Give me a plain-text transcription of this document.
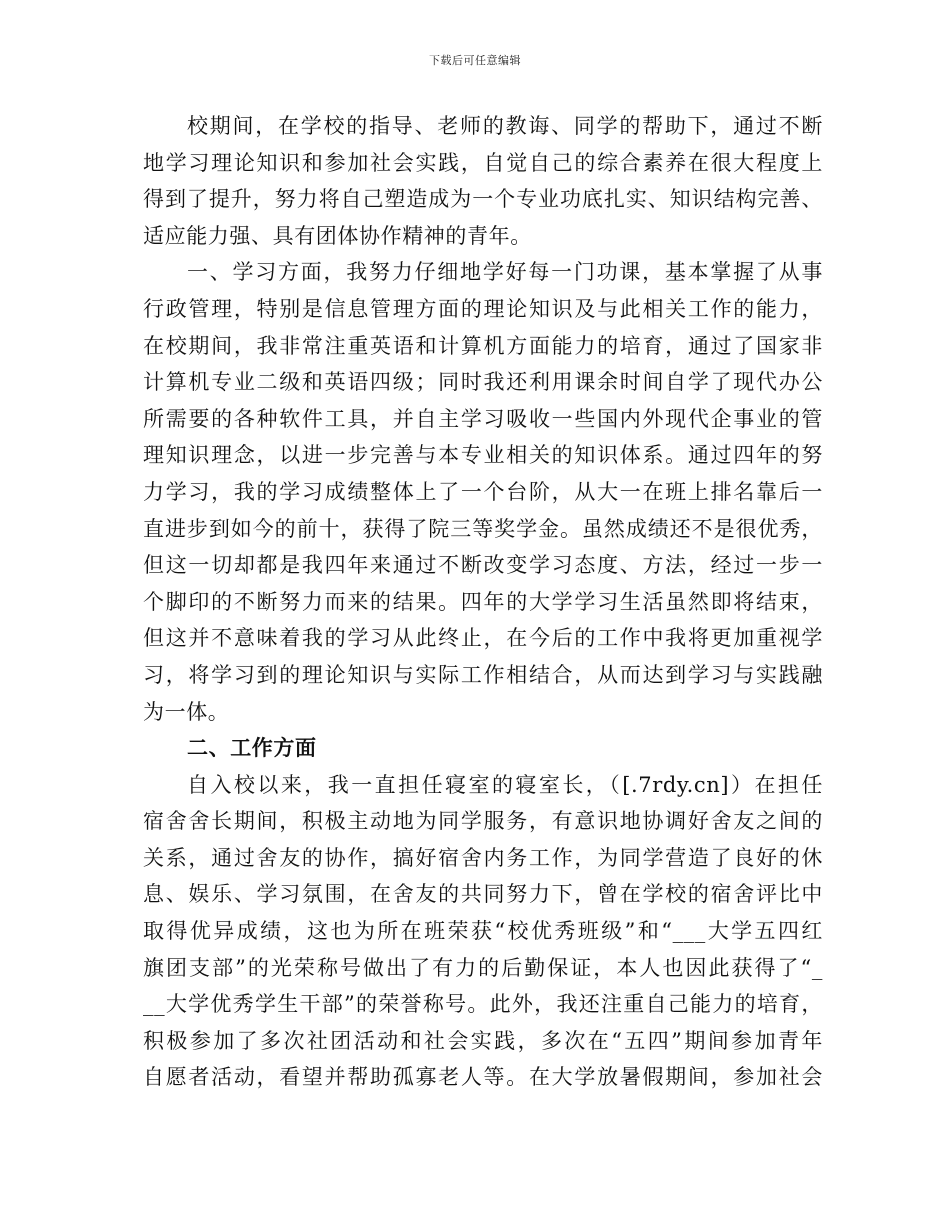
下载后可任意编辑
校期间，在学校的指导、老师的教诲、同学的帮助下，通过不断
地学习理论知识和参加社会实践，自觉自己的综合素养在很大程度上
得到了提升，努力将自己塑造成为一个专业功底扎实、知识结构完善、
适应能力强、具有团体协作精神的青年。
一、学习方面，我努力仔细地学好每一门功课，基本掌握了从事
行政管理，特别是信息管理方面的理论知识及与此相关工作的能力，
在校期间，我非常注重英语和计算机方面能力的培育，通过了国家非
计算机专业二级和英语四级；同时我还利用课余时间自学了现代办公
所需要的各种软件工具，并自主学习吸收一些国内外现代企事业的管
理知识理念，以进一步完善与本专业相关的知识体系。通过四年的努
力学习，我的学习成绩整体上了一个台阶，从大一在班上排名靠后一
直进步到如今的前十，获得了院三等奖学金。虽然成绩还不是很优秀，
但这一切却都是我四年来通过不断改变学习态度、方法，经过一步一
个脚印的不断努力而来的结果。四年的大学学习生活虽然即将结束，
但这并不意味着我的学习从此终止，在今后的工作中我将更加重视学
习，将学习到的理论知识与实际工作相结合，从而达到学习与实践融
为一体。
二、工作方面
自入校以来，我一直担任寝室的寝室长，（[.7rdy.cn]）在担任
宿舍舍长期间，积极主动地为同学服务，有意识地协调好舍友之间的
关系，通过舍友的协作，搞好宿舍内务工作，为同学营造了良好的休
息、娱乐、学习氛围，在舍友的共同努力下，曾在学校的宿舍评比中
取得优异成绩，这也为所在班荣获“校优秀班级”和“___大学五四红
旗团支部”的光荣称号做出了有力的后勤保证，本人也因此获得了“_
__大学优秀学生干部”的荣誉称号。此外，我还注重自己能力的培育，
积极参加了多次社团活动和社会实践，多次在“五四”期间参加青年
自愿者活动，看望并帮助孤寡老人等。在大学放暑假期间，参加社会
